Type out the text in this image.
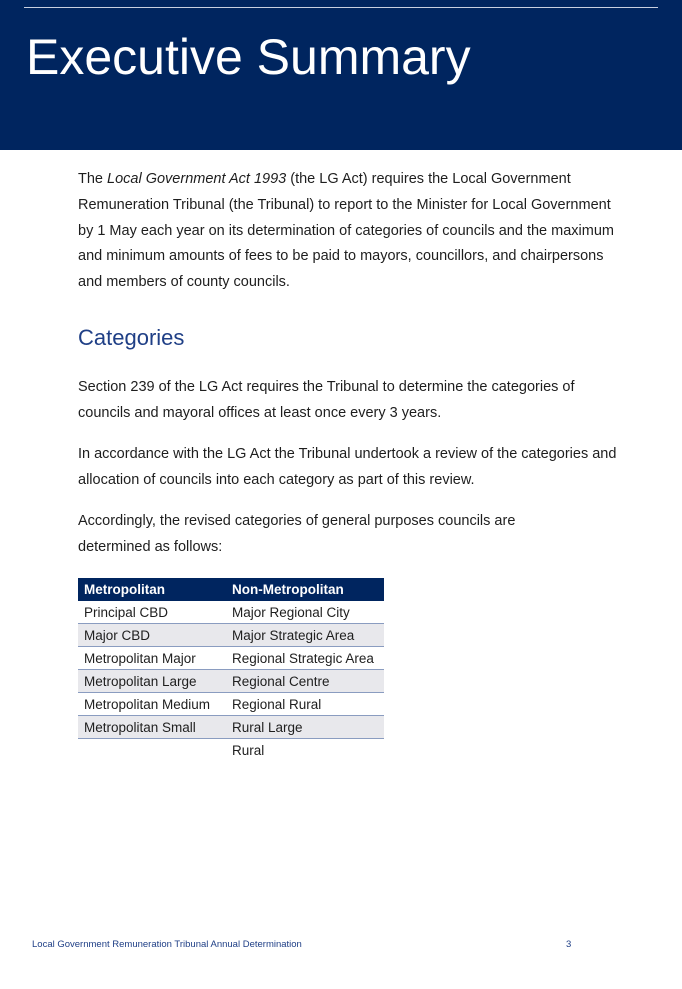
Executive Summary

The Local Government Act 1993 (the LG Act) requires the Local Government Remuneration Tribunal (the Tribunal) to report to the Minister for Local Government by 1 May each year on its determination of categories of councils and the maximum and minimum amounts of fees to be paid to mayors, councillors, and chairpersons and members of county councils.

Categories

Section 239 of the LG Act requires the Tribunal to determine the categories of councils and mayoral offices at least once every 3 years.

In accordance with the LG Act the Tribunal undertook a review of the categories and allocation of councils into each category as part of this review.

Accordingly, the revised categories of general purposes councils are determined as follows:

Metropolitan	Non-Metropolitan
Principal CBD	Major Regional City
Major CBD	Major Strategic Area
Metropolitan Major	Regional Strategic Area
Metropolitan Large	Regional Centre
Metropolitan Medium	Regional Rural
Metropolitan Small	Rural Large
	Rural
Local Government Remuneration Tribunal Annual Determination	3
